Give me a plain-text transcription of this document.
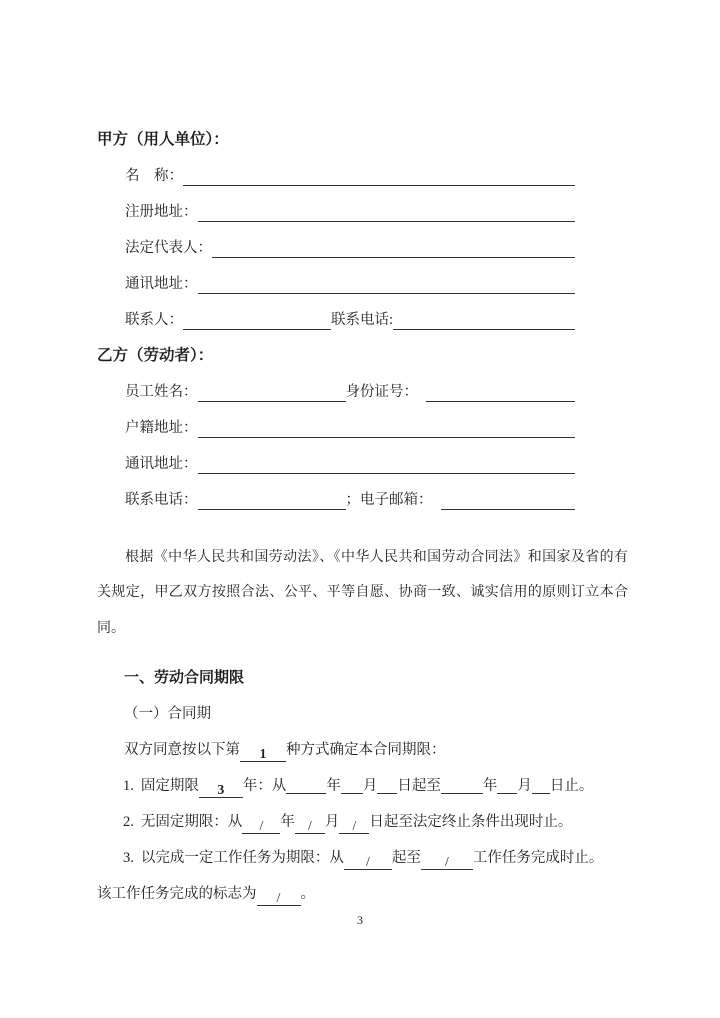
甲方（用人单位）：
名　称：
注册地址：
法定代表人：
通讯地址：
联系人：	联系电话:
乙方（劳动者）：
员工姓名：	身份证号：
户籍地址：
通讯地址：
联系电话：	；电子邮箱：
根据《中华人民共和国劳动法》、《中华人民共和国劳动合同法》和国家及省的有
关规定，甲乙双方按照合法、公平、平等自愿、协商一致、诚实信用的原则订立本合
同。
一、劳动合同期限
（一）合同期
双方同意按以下第 1 种方式确定本合同期限：
1. 固定期限 3 年：从	年 月 日起至	年 月 日止。
2. 无固定期限：从 / 年 / 月 / 日起至法定终止条件出现时止。
3. 以完成一定工作任务为期限：从 / 起至 / 工作任务完成时止。
该工作任务完成的标志为 / 。
3
